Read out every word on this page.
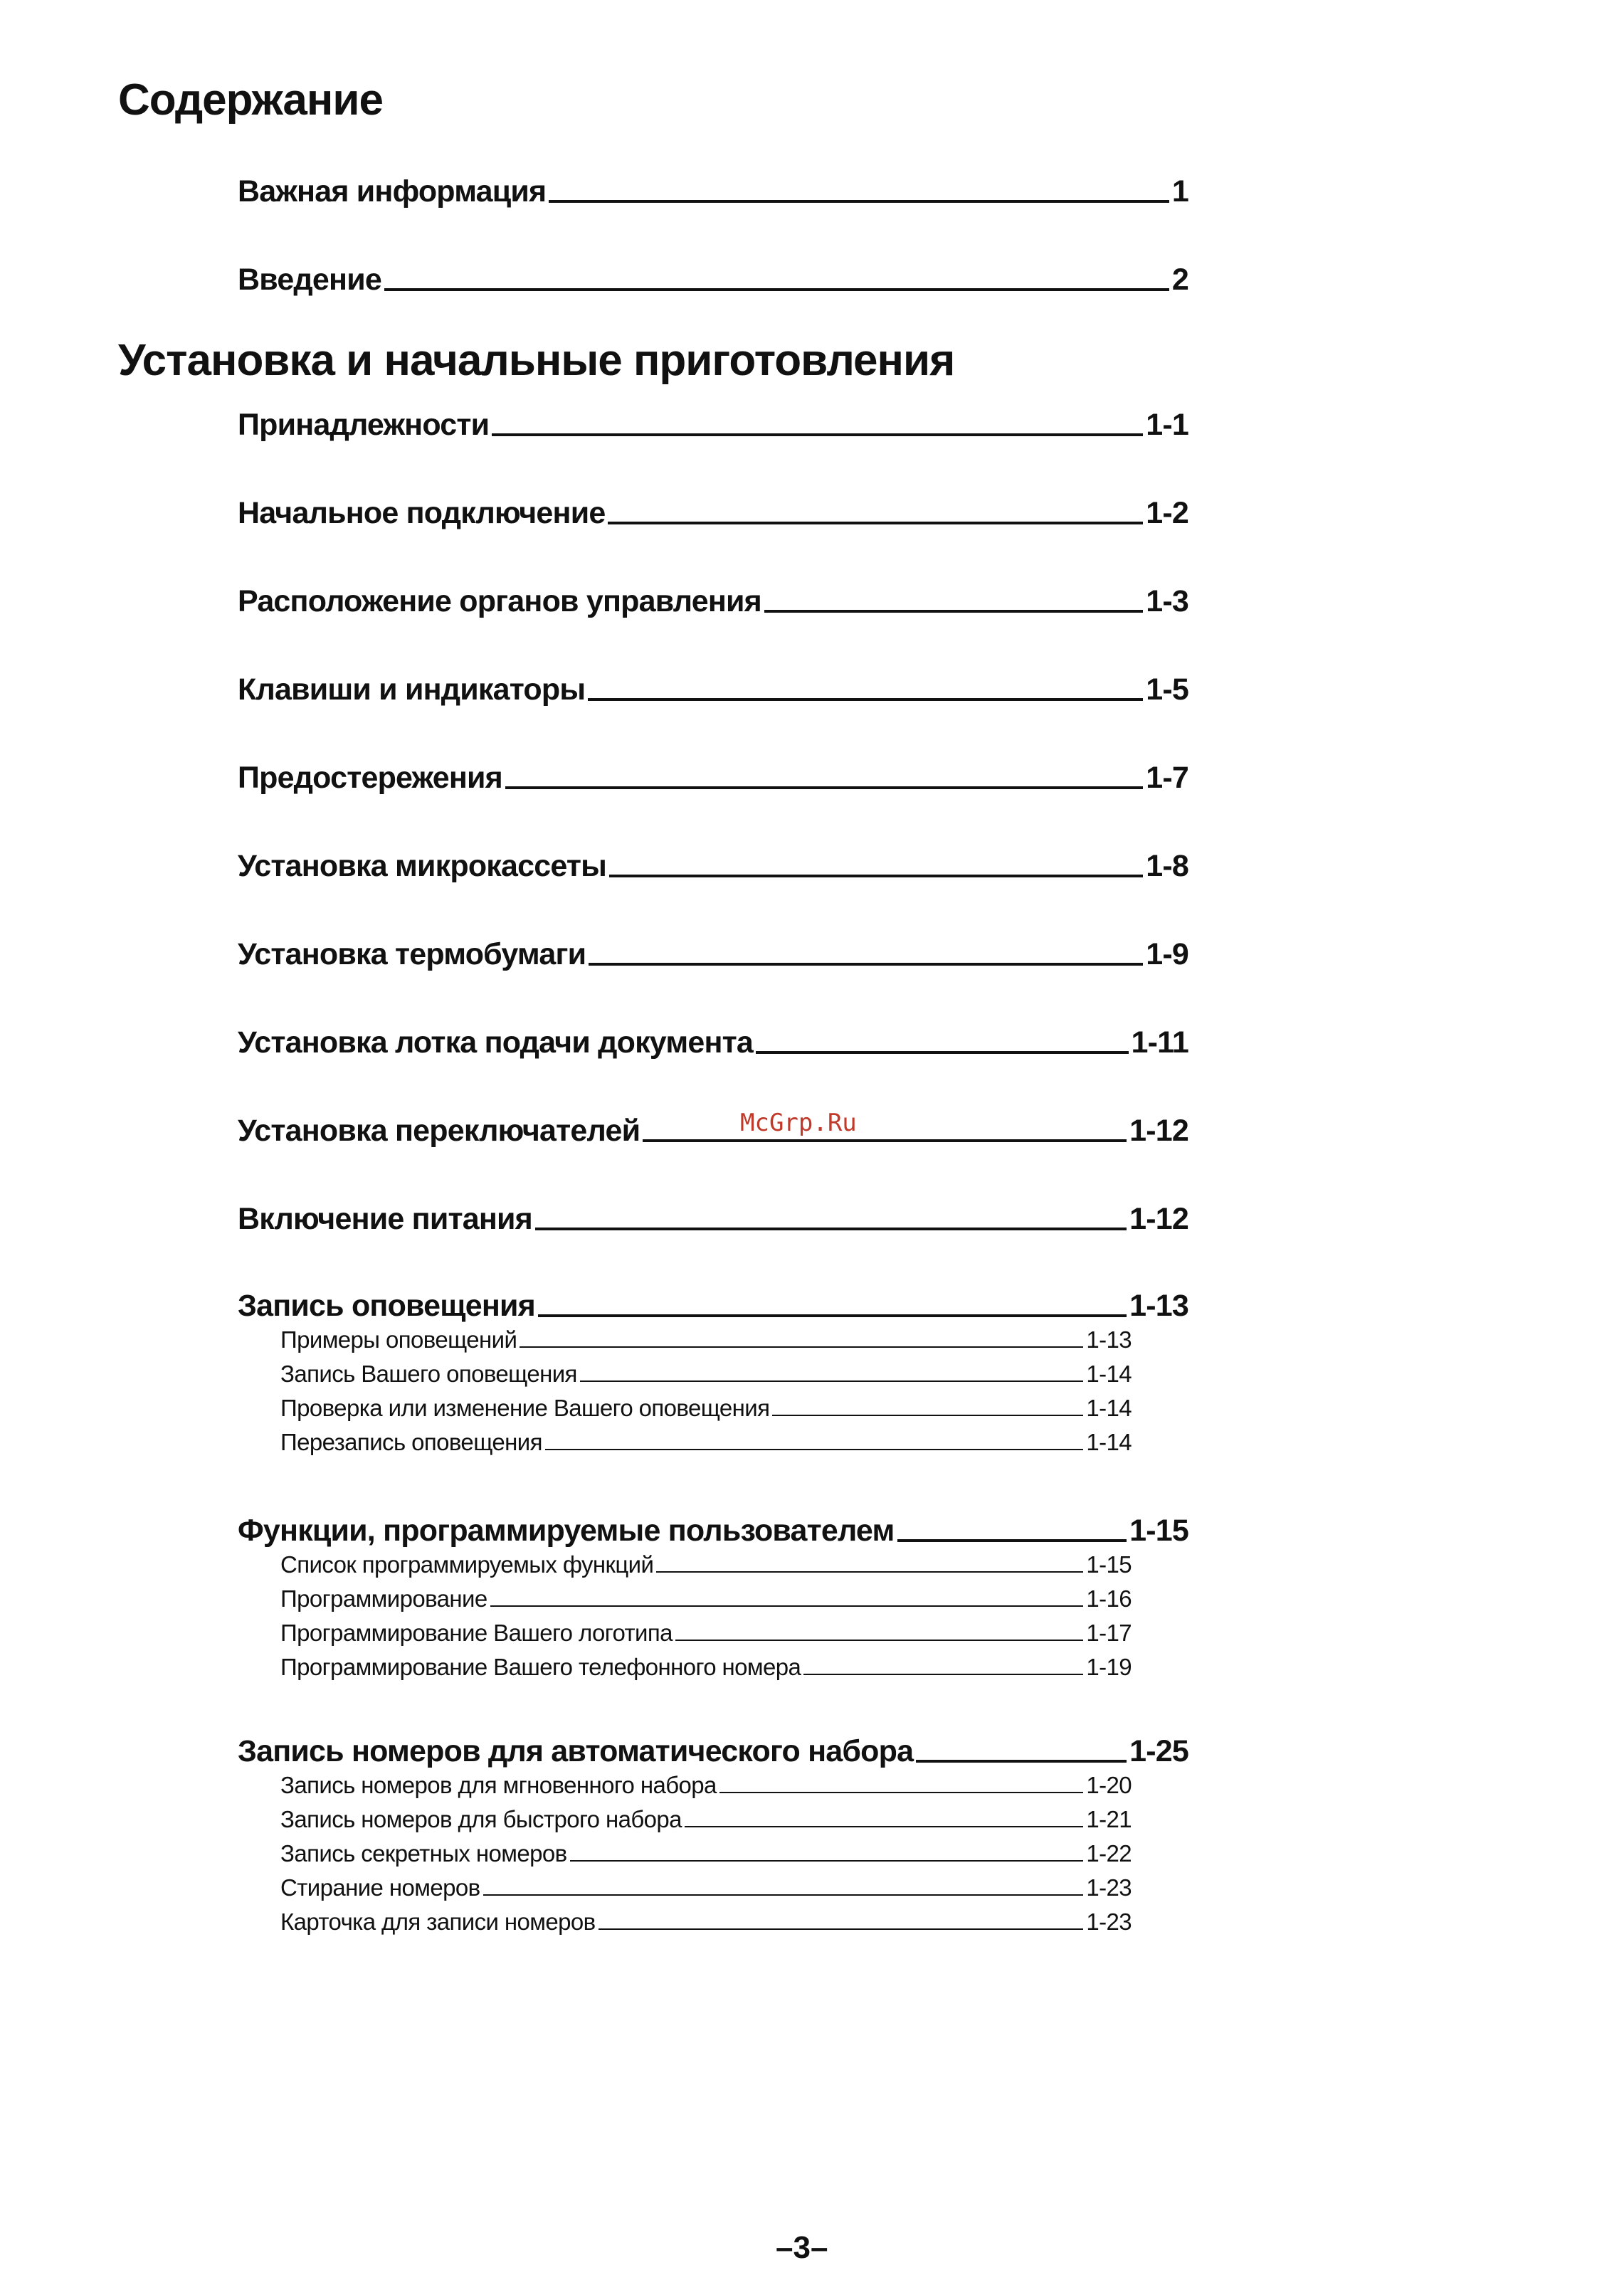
Содержание
Важная информация	1
Введение	2
Установка и начальные приготовления
Принадлежности	1-1
Начальное подключение	1-2
Расположение органов управления	1-3
Клавиши и индикаторы	1-5
Предостережения	1-7
Установка микрокассеты	1-8
Установка термобумаги	1-9
Установка лотка подачи документа	1-11
Установка переключателей	1-12
Включение питания	1-12
Запись оповещения	1-13
Примеры оповещений	1-13
Запись Вашего оповещения	1-14
Проверка или изменение Вашего оповещения	1-14
Перезапись оповещения	1-14
Функции, программируемые пользователем	1-15
Список программируемых функций	1-15
Программирование	1-16
Программирование Вашего логотипа	1-17
Программирование Вашего телефонного номера	1-19
Запись номеров для автоматического набора	1-25
Запись номеров для мгновенного набора	1-20
Запись номеров для быстрого набора	1-21
Запись секретных номеров	1-22
Стирание номеров	1-23
Карточка для записи номеров	1-23
McGrp.Ru
–3–
